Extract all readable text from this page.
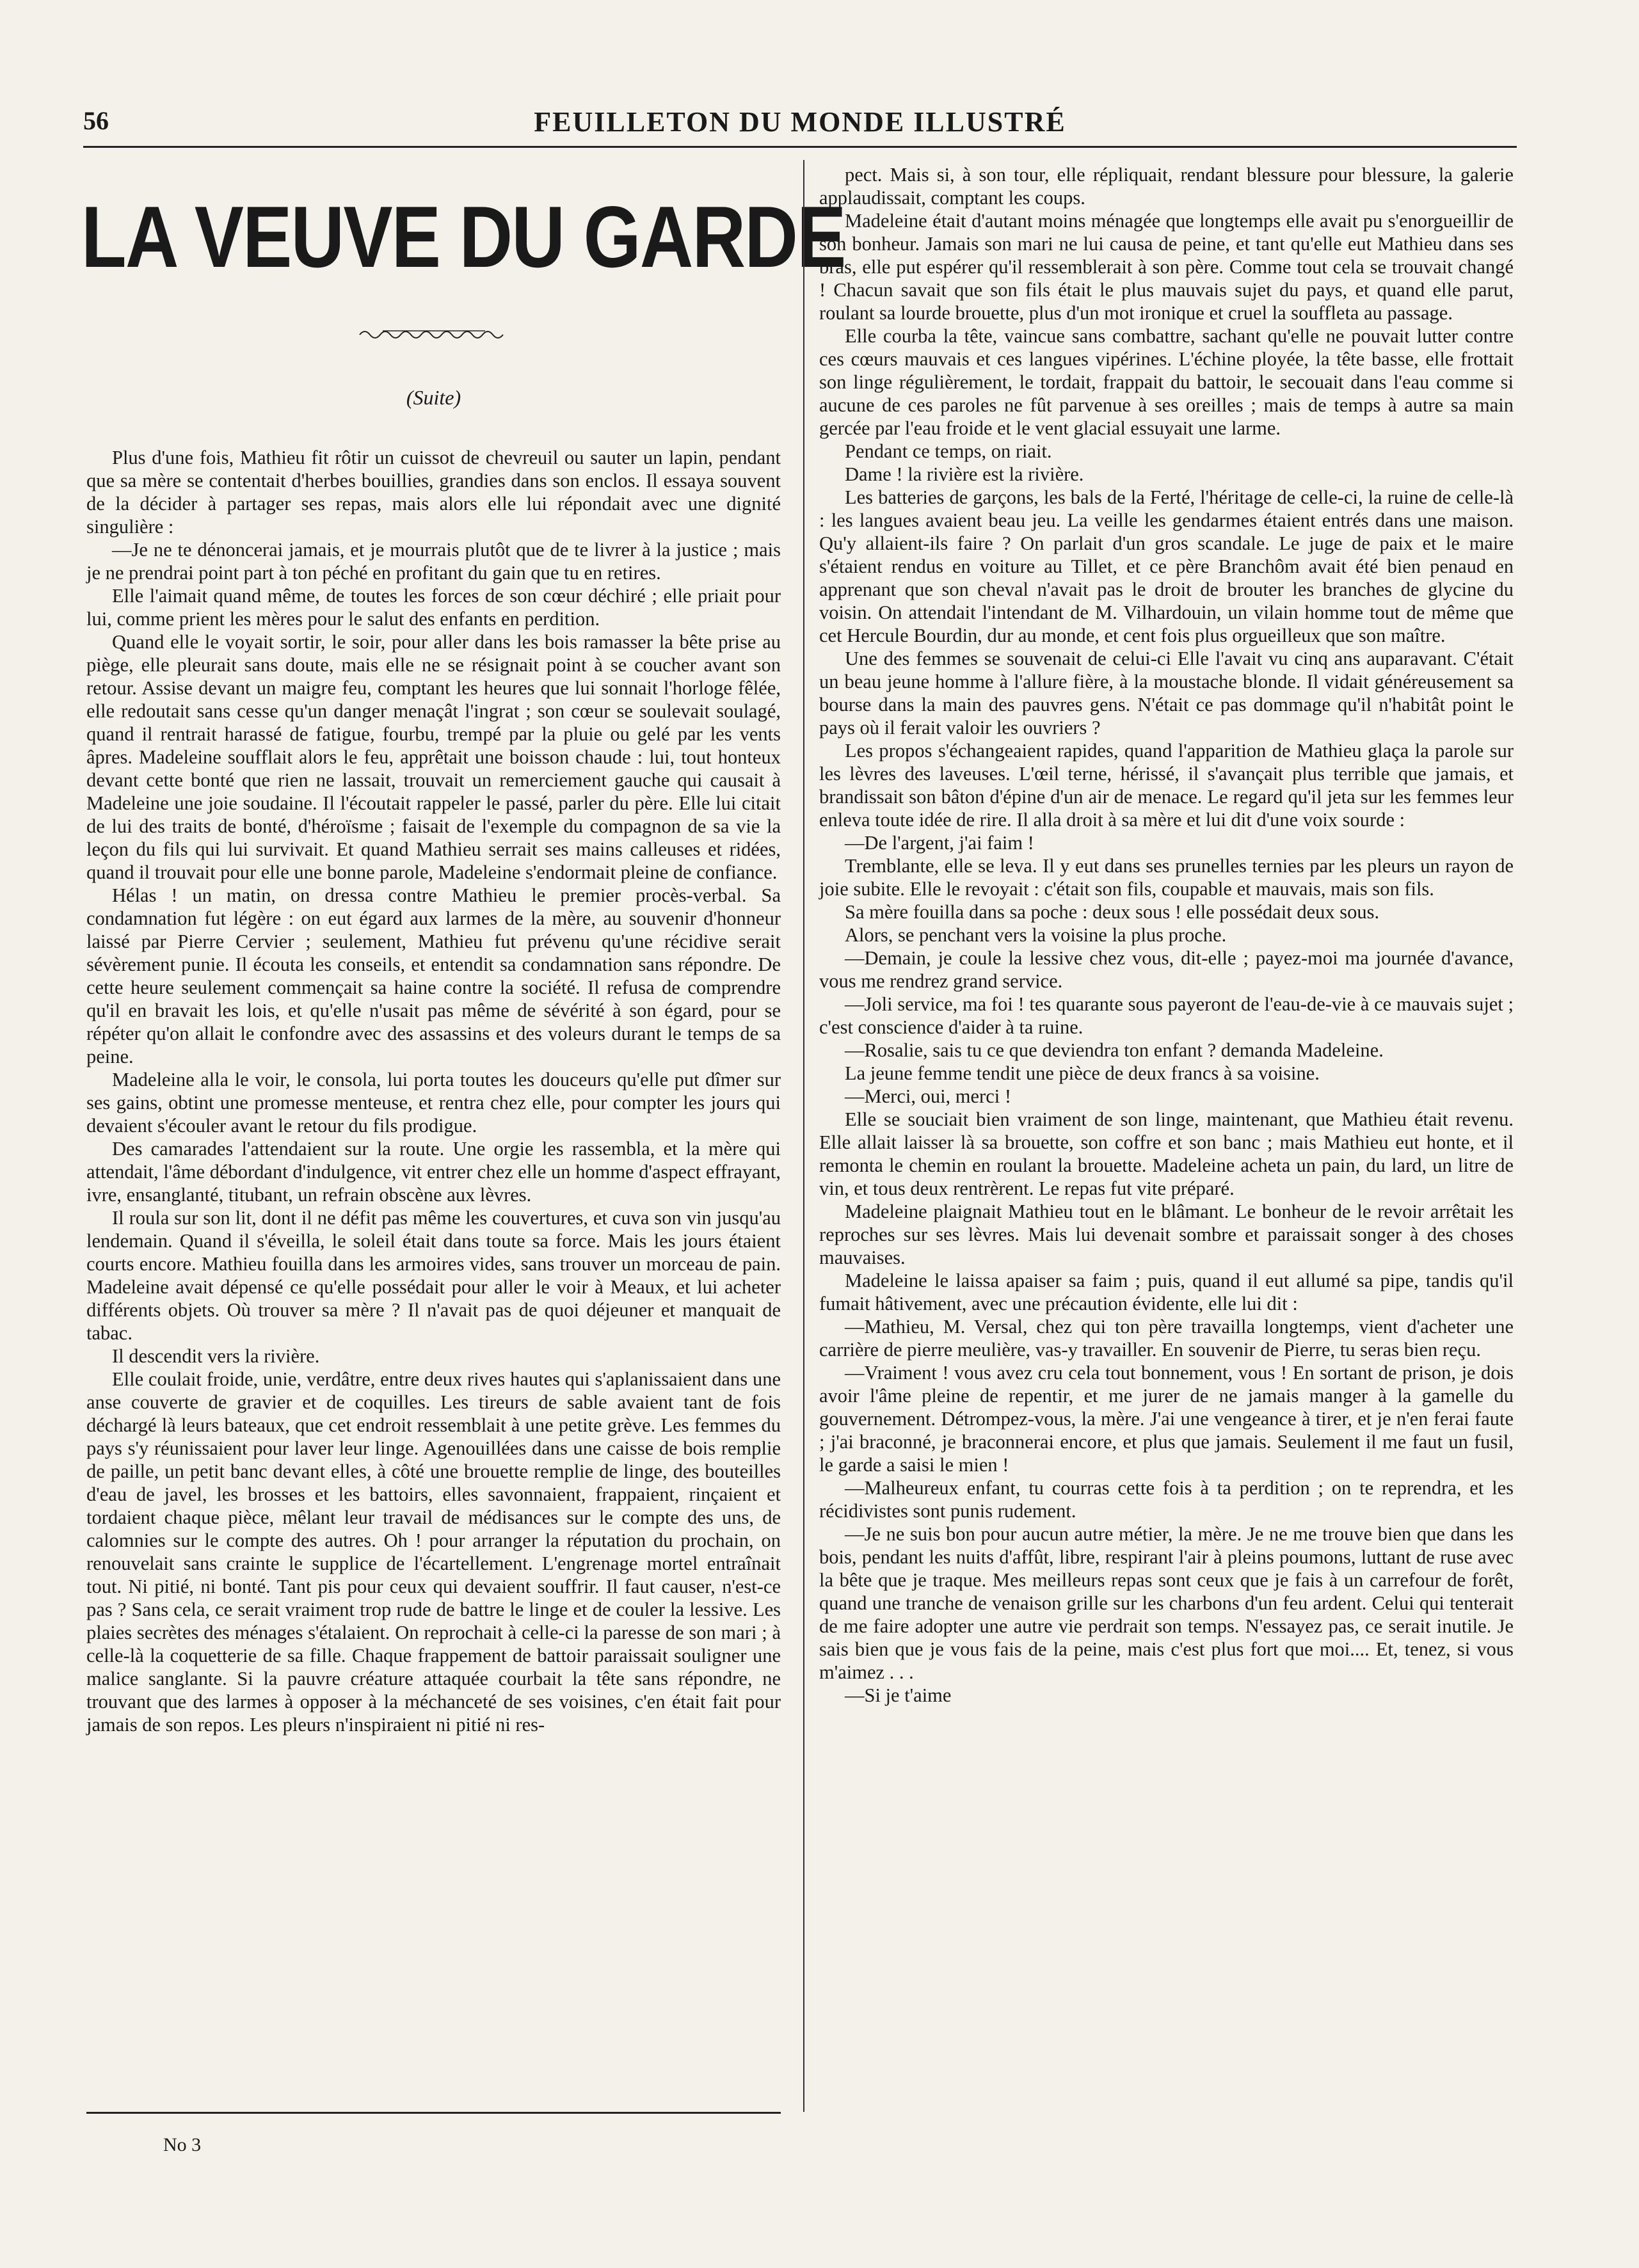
56	FEUILLETON DU MONDE ILLUSTRÉ
LA VEUVE DU GARDE
(Suite)

Plus d'une fois, Mathieu fit rôtir un cuissot de chevreuil ou sauter un lapin, pendant que sa mère se contentait d'herbes bouillies, grandies dans son enclos. Il essaya souvent de la décider à partager ses repas, mais alors elle lui répondait avec une dignité singulière :

—Je ne te dénoncerai jamais, et je mourrais plutôt que de te livrer à la justice ; mais je ne prendrai point part à ton péché en profitant du gain que tu en retires.

Elle l'aimait quand même, de toutes les forces de son cœur déchiré ; elle priait pour lui, comme prient les mères pour le salut des enfants en perdition.

Quand elle le voyait sortir, le soir, pour aller dans les bois ramasser la bête prise au piège, elle pleurait sans doute, mais elle ne se résignait point à se coucher avant son retour. Assise devant un maigre feu, comptant les heures que lui sonnait l'horloge fêlée, elle redoutait sans cesse qu'un danger menaçât l'ingrat ; son cœur se soulevait soulagé, quand il rentrait harassé de fatigue, fourbu, trempé par la pluie ou gelé par les vents âpres. Madeleine soufflait alors le feu, apprêtait une boisson chaude : lui, tout honteux devant cette bonté que rien ne lassait, trouvait un remerciement gauche qui causait à Madeleine une joie soudaine. Il l'écoutait rappeler le passé, parler du père. Elle lui citait de lui des traits de bonté, d'héroïsme ; faisait de l'exemple du compagnon de sa vie la leçon du fils qui lui survivait. Et quand Mathieu serrait ses mains calleuses et ridées, quand il trouvait pour elle une bonne parole, Madeleine s'endormait pleine de confiance.

Hélas ! un matin, on dressa contre Mathieu le premier procès-verbal. Sa condamnation fut légère : on eut égard aux larmes de la mère, au souvenir d'honneur laissé par Pierre Cervier ; seulement, Mathieu fut prévenu qu'une récidive serait sévèrement punie. Il écouta les conseils, et entendit sa condamnation sans répondre. De cette heure seulement commençait sa haine contre la société. Il refusa de comprendre qu'il en bravait les lois, et qu'elle n'usait pas même de sévérité à son égard, pour se répéter qu'on allait le confondre avec des assassins et des voleurs durant le temps de sa peine.

Madeleine alla le voir, le consola, lui porta toutes les douceurs qu'elle put dîmer sur ses gains, obtint une promesse menteuse, et rentra chez elle, pour compter les jours qui devaient s'écouler avant le retour du fils prodigue.

Des camarades l'attendaient sur la route. Une orgie les rassembla, et la mère qui attendait, l'âme débordant d'indulgence, vit entrer chez elle un homme d'aspect effrayant, ivre, ensanglanté, titubant, un refrain obscène aux lèvres.

Il roula sur son lit, dont il ne défit pas même les couvertures, et cuva son vin jusqu'au lendemain. Quand il s'éveilla, le soleil était dans toute sa force. Mais les jours étaient courts encore. Mathieu fouilla dans les armoires vides, sans trouver un morceau de pain. Madeleine avait dépensé ce qu'elle possédait pour aller le voir à Meaux, et lui acheter différents objets. Où trouver sa mère ? Il n'avait pas de quoi déjeuner et manquait de tabac.

Il descendit vers la rivière.

Elle coulait froide, unie, verdâtre, entre deux rives hautes qui s'aplanissaient dans une anse couverte de gravier et de coquilles. Les tireurs de sable avaient tant de fois déchargé là leurs bateaux, que cet endroit ressemblait à une petite grève. Les femmes du pays s'y réunissaient pour laver leur linge. Agenouillées dans une caisse de bois remplie de paille, un petit banc devant elles, à côté une brouette remplie de linge, des bouteilles d'eau de javel, les brosses et les battoirs, elles savonnaient, frappaient, rinçaient et tordaient chaque pièce, mêlant leur travail de médisances sur le compte des uns, de calomnies sur le compte des autres. Oh ! pour arranger la réputation du prochain, on renouvelait sans crainte le supplice de l'écartellement. L'engrenage mortel entraînait tout. Ni pitié, ni bonté. Tant pis pour ceux qui devaient souffrir. Il faut causer, n'est-ce pas ? Sans cela, ce serait vraiment trop rude de battre le linge et de couler la lessive. Les plaies secrètes des ménages s'étalaient. On reprochait à celle-ci la paresse de son mari ; à celle-là la coquetterie de sa fille. Chaque frappement de battoir paraissait souligner une malice sanglante. Si la pauvre créature attaquée courbait la tête sans répondre, ne trouvant que des larmes à opposer à la méchanceté de ses voisines, c'en était fait pour jamais de son repos. Les pleurs n'inspiraient ni pitié ni res-

pect. Mais si, à son tour, elle répliquait, rendant blessure pour blessure, la galerie applaudissait, comptant les coups.

Madeleine était d'autant moins ménagée que longtemps elle avait pu s'enorgueillir de son bonheur. Jamais son mari ne lui causa de peine, et tant qu'elle eut Mathieu dans ses bras, elle put espérer qu'il ressemblerait à son père. Comme tout cela se trouvait changé ! Chacun savait que son fils était le plus mauvais sujet du pays, et quand elle parut, roulant sa lourde brouette, plus d'un mot ironique et cruel la souffleta au passage.

Elle courba la tête, vaincue sans combattre, sachant qu'elle ne pouvait lutter contre ces cœurs mauvais et ces langues vipérines. L'échine ployée, la tête basse, elle frottait son linge régulièrement, le tordait, frappait du battoir, le secouait dans l'eau comme si aucune de ces paroles ne fût parvenue à ses oreilles ; mais de temps à autre sa main gercée par l'eau froide et le vent glacial essuyait une larme.

Pendant ce temps, on riait.

Dame ! la rivière est la rivière.

Les batteries de garçons, les bals de la Ferté, l'héritage de celle-ci, la ruine de celle-là : les langues avaient beau jeu. La veille les gendarmes étaient entrés dans une maison. Qu'y allaient-ils faire ? On parlait d'un gros scandale. Le juge de paix et le maire s'étaient rendus en voiture au Tillet, et ce père Branchôm avait été bien penaud en apprenant que son cheval n'avait pas le droit de brouter les branches de glycine du voisin. On attendait l'intendant de M. Vilhardouin, un vilain homme tout de même que cet Hercule Bourdin, dur au monde, et cent fois plus orgueilleux que son maître.

Une des femmes se souvenait de celui-ci Elle l'avait vu cinq ans auparavant. C'était un beau jeune homme à l'allure fière, à la moustache blonde. Il vidait généreusement sa bourse dans la main des pauvres gens. N'était ce pas dommage qu'il n'habitât point le pays où il ferait valoir les ouvriers ?

Les propos s'échangeaient rapides, quand l'apparition de Mathieu glaça la parole sur les lèvres des laveuses. L'œil terne, hérissé, il s'avançait plus terrible que jamais, et brandissait son bâton d'épine d'un air de menace. Le regard qu'il jeta sur les femmes leur enleva toute idée de rire. Il alla droit à sa mère et lui dit d'une voix sourde :

—De l'argent, j'ai faim !

Tremblante, elle se leva. Il y eut dans ses prunelles ternies par les pleurs un rayon de joie subite. Elle le revoyait : c'était son fils, coupable et mauvais, mais son fils.

Sa mère fouilla dans sa poche : deux sous ! elle possédait deux sous.

Alors, se penchant vers la voisine la plus proche.

—Demain, je coule la lessive chez vous, dit-elle ; payez-moi ma journée d'avance, vous me rendrez grand service.

—Joli service, ma foi ! tes quarante sous payeront de l'eau-de-vie à ce mauvais sujet ; c'est conscience d'aider à ta ruine.

—Rosalie, sais tu ce que deviendra ton enfant ? demanda Madeleine.

La jeune femme tendit une pièce de deux francs à sa voisine.

—Merci, oui, merci !

Elle se souciait bien vraiment de son linge, maintenant, que Mathieu était revenu. Elle allait laisser là sa brouette, son coffre et son banc ; mais Mathieu eut honte, et il remonta le chemin en roulant la brouette. Madeleine acheta un pain, du lard, un litre de vin, et tous deux rentrèrent. Le repas fut vite préparé.

Madeleine plaignait Mathieu tout en le blâmant. Le bonheur de le revoir arrêtait les reproches sur ses lèvres. Mais lui devenait sombre et paraissait songer à des choses mauvaises.

Madeleine le laissa apaiser sa faim ; puis, quand il eut allumé sa pipe, tandis qu'il fumait hâtivement, avec une précaution évidente, elle lui dit :

—Mathieu, M. Versal, chez qui ton père travailla longtemps, vient d'acheter une carrière de pierre meulière, vas-y travailler. En souvenir de Pierre, tu seras bien reçu.

—Vraiment ! vous avez cru cela tout bonnement, vous ! En sortant de prison, je dois avoir l'âme pleine de repentir, et me jurer de ne jamais manger à la gamelle du gouvernement. Détrompez-vous, la mère. J'ai une vengeance à tirer, et je n'en ferai faute ; j'ai braconné, je braconnerai encore, et plus que jamais. Seulement il me faut un fusil, le garde a saisi le mien !

—Malheureux enfant, tu courras cette fois à ta perdition ; on te reprendra, et les récidivistes sont punis rudement.

—Je ne suis bon pour aucun autre métier, la mère. Je ne me trouve bien que dans les bois, pendant les nuits d'affût, libre, respirant l'air à pleins poumons, luttant de ruse avec la bête que je traque. Mes meilleurs repas sont ceux que je fais à un carrefour de forêt, quand une tranche de venaison grille sur les charbons d'un feu ardent. Celui qui tenterait de me faire adopter une autre vie perdrait son temps. N'essayez pas, ce serait inutile. Je sais bien que je vous fais de la peine, mais c'est plus fort que moi.... Et, tenez, si vous m'aimez . . .

—Si je t'aime

No 3
